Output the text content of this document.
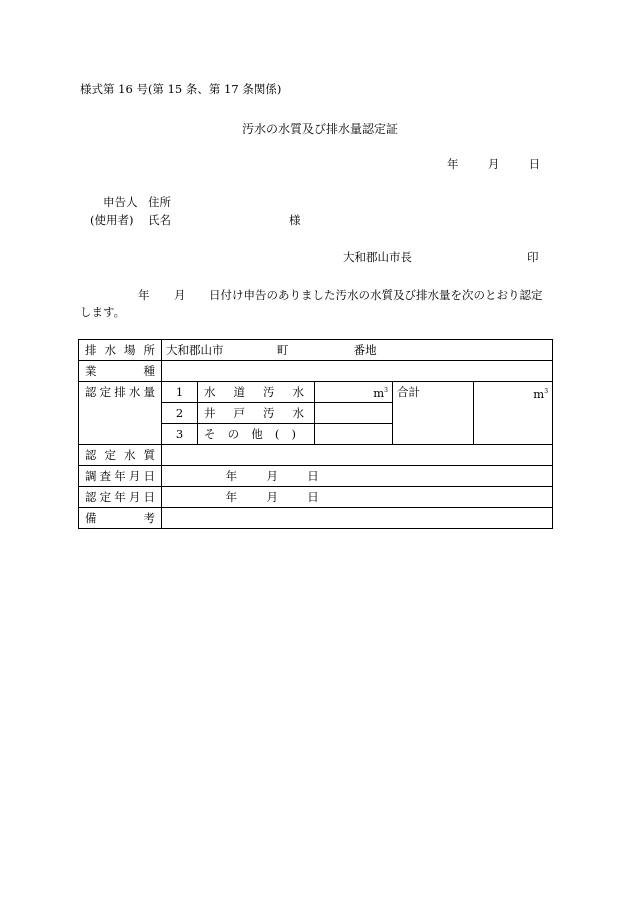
様式第 16 号(第 15 条、第 17 条関係)
汚水の水質及び排水量認定証
年	月	日
申告人 住所
(使用者) 氏名	様
大和郡山市長	印
年 月 日付け申告のありました汚水の水質及び排水量を次のとおり認定
します。
排水場所	大和郡山市 町 番地				
業　　種					
認定排水量	1	水 道 汚 水	$m^3$	合計	$m^3$
	2	井 戸 汚 水			

	3	そ の 他 ( )			

認定水質					
調査年月日	年 月 日				
認定年月日	年 月 日				
備　　考					
